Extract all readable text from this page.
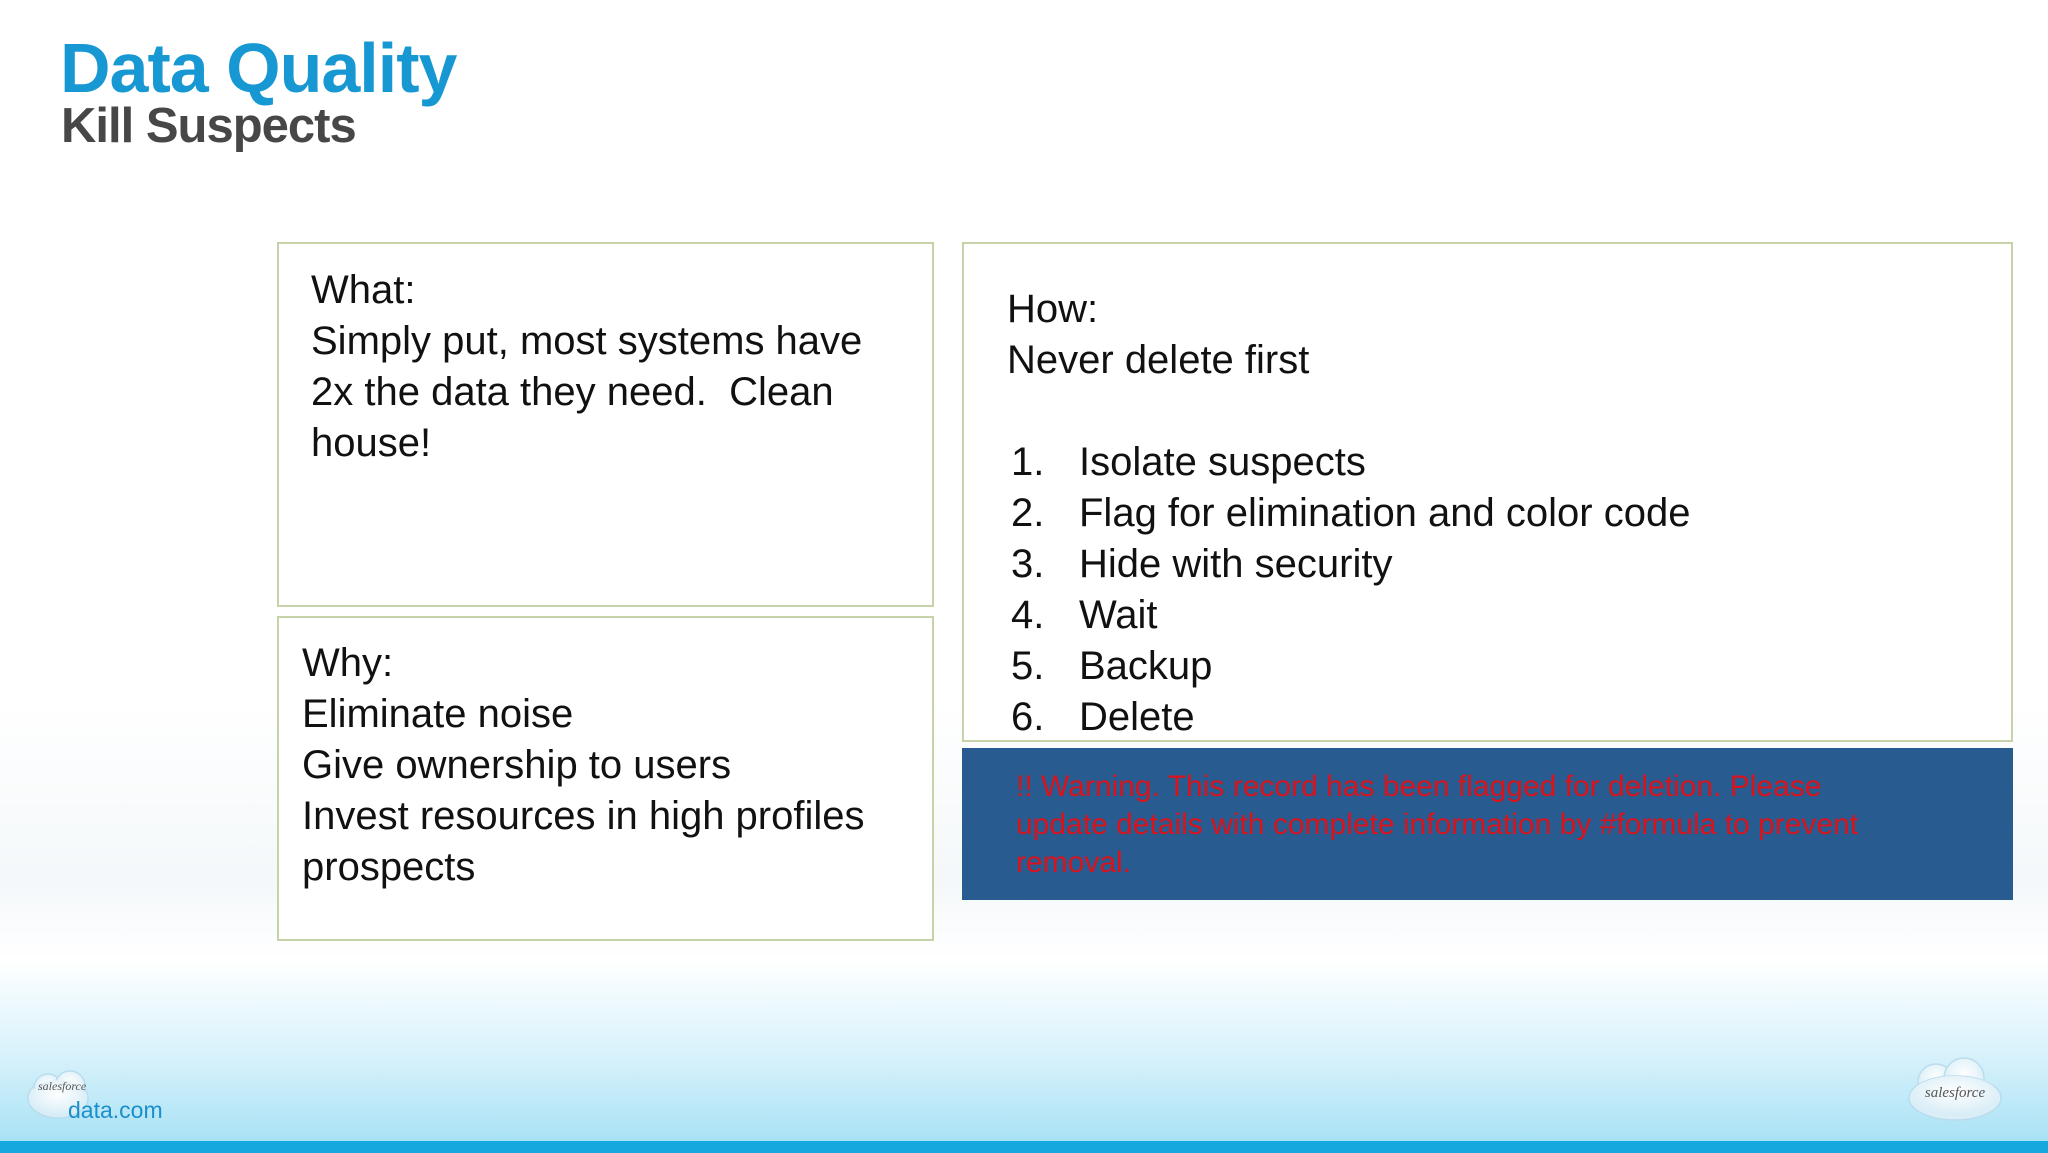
Data Quality
Kill Suspects
What:
Simply put, most systems have
2x the data they need.  Clean
house!
Why:
Eliminate noise
Give ownership to users
Invest resources in high profiles
prospects
How:
Never delete first
1. Isolate suspects
2. Flag for elimination and color code
3. Hide with security
4. Wait
5. Backup
6. Delete
!! Warning. This record has been flagged for deletion. Please
update details with complete information by #formula to prevent
removal.
salesforce
data.com
salesforce
